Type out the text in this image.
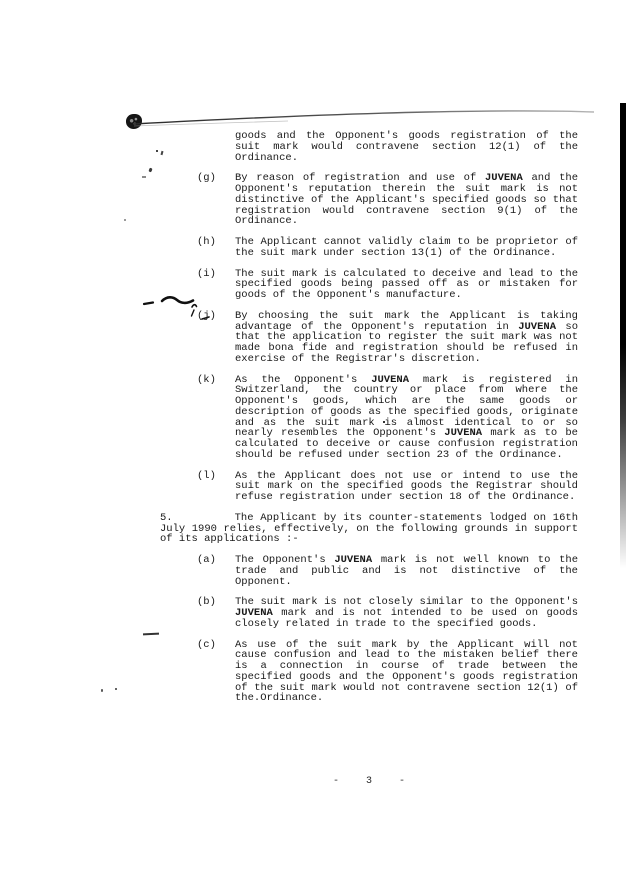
goods and the Opponent's goods registration of the suit mark would contravene section 12(1) of the Ordinance.

(g)	By reason of registration and use of JUVENA and the Opponent's reputation therein the suit mark is not distinctive of the Applicant's specified goods so that registration would contravene section 9(1) of the Ordinance.
(h)	The Applicant cannot validly claim to be proprietor of the suit mark under section 13(1) of the Ordinance.
(i)	The suit mark is calculated to deceive and lead to the specified goods being passed off as or mistaken for goods of the Opponent's manufacture.
(j)	By choosing the suit mark the Applicant is taking advantage of the Opponent's reputation in JUVENA so that the application to register the suit mark was not made bona fide and registration should be refused in exercise of the Registrar's discretion.
(k)	As the Opponent's JUVENA mark is registered in Switzerland, the country or place from where the Opponent's goods, which are the same goods or description of goods as the specified goods, originate and as the suit mark is almost identical to or so nearly resembles the Opponent's JUVENA mark as to be calculated to deceive or cause confusion registration should be refused under section 23 of the Ordinance.
(l)	As the Applicant does not use or intend to use the suit mark on the specified goods the Registrar should refuse registration under section 18 of the Ordinance.

5.	The Applicant by its counter-statements lodged on 16th July 1990 relies, effectively, on the following grounds in support of its applications :-

(a)	The Opponent's JUVENA mark is not well known to the trade and public and is not distinctive of the Opponent.
(b)	The suit mark is not closely similar to the Opponent's JUVENA mark and is not intended to be used on goods closely related in trade to the specified goods.
(c)	As use of the suit mark by the Applicant will not cause confusion and lead to the mistaken belief there is a connection in course of trade between the specified goods and the Opponent's goods registration of the suit mark would not contravene section 12(1) of the.Ordinance.
- 3 -
